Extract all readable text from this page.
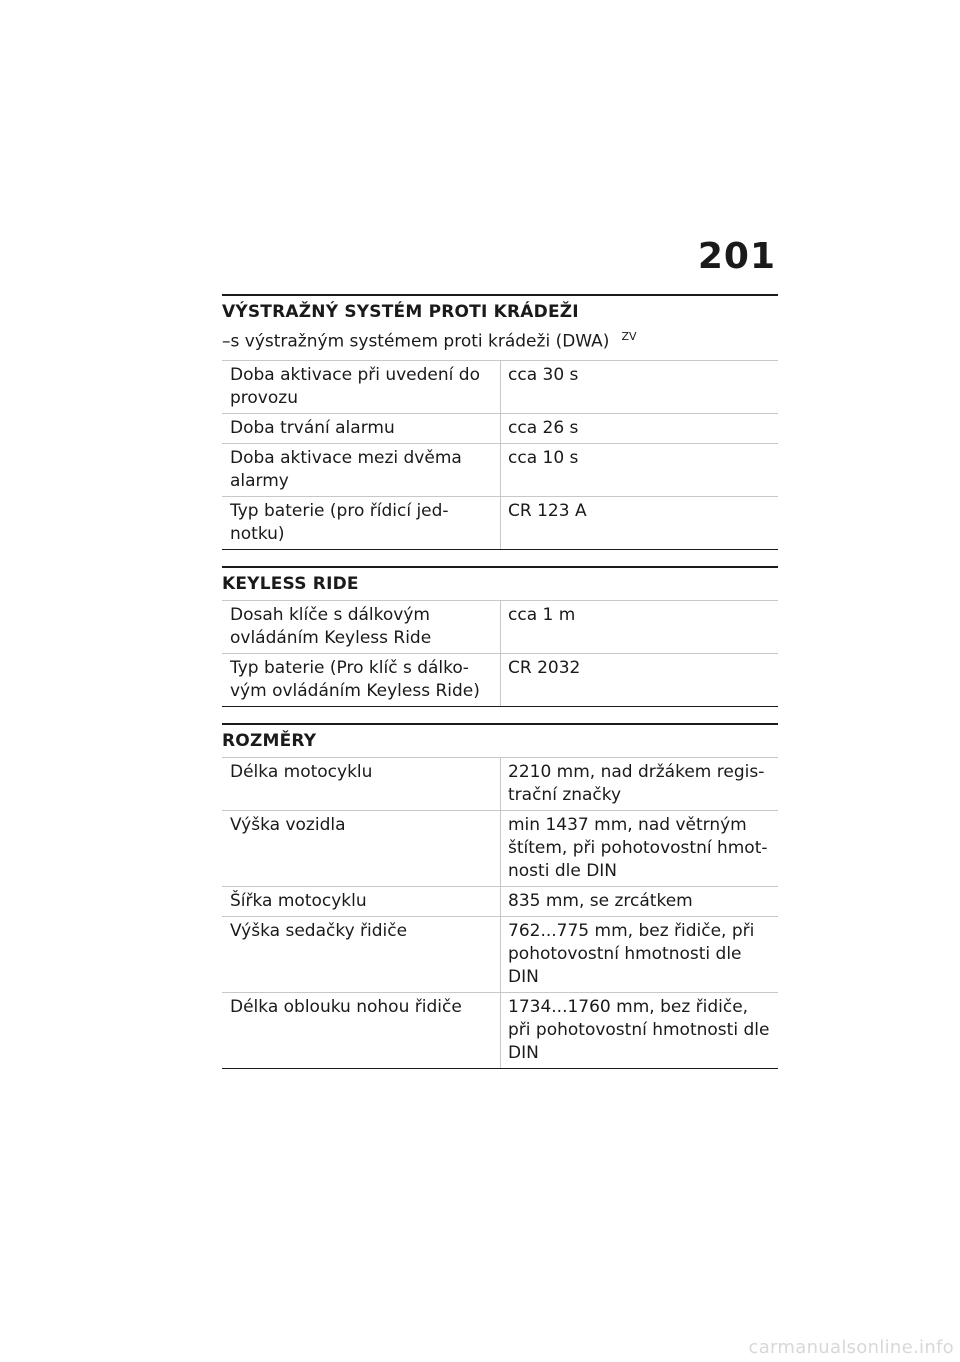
201
VÝSTRAŽNÝ SYSTÉM PROTI KRÁDEŽI
–s výstražným systémem proti krádeži (DWA) $^{ZV}$
Doba aktivace při uvedení do provozu	cca 30 s
Doba trvání alarmu	cca 26 s
Doba aktivace mezi dvěma alarmy	cca 10 s
Typ baterie (pro řídicí jednotku)	CR 123 A
KEYLESS RIDE
Dosah klíče s dálkovým ovládáním Keyless Ride	cca 1 m
Typ baterie (Pro klíč s dálkovým ovládáním Keyless Ride)	CR 2032
ROZMĚRY
Délka motocyklu	2210 mm, nad držákem registrační značky
Výška vozidla	min 1437 mm, nad větrným štítem, při pohotovostní hmotnosti dle DIN
Šířka motocyklu	835 mm, se zrcátkem
Výška sedačky řidiče	762...775 mm, bez řidiče, při pohotovostní hmotnosti dle DIN
Délka oblouku nohou řidiče	1734...1760 mm, bez řidiče, při pohotovostní hmotnosti dle DIN
carmanualsonline.info
